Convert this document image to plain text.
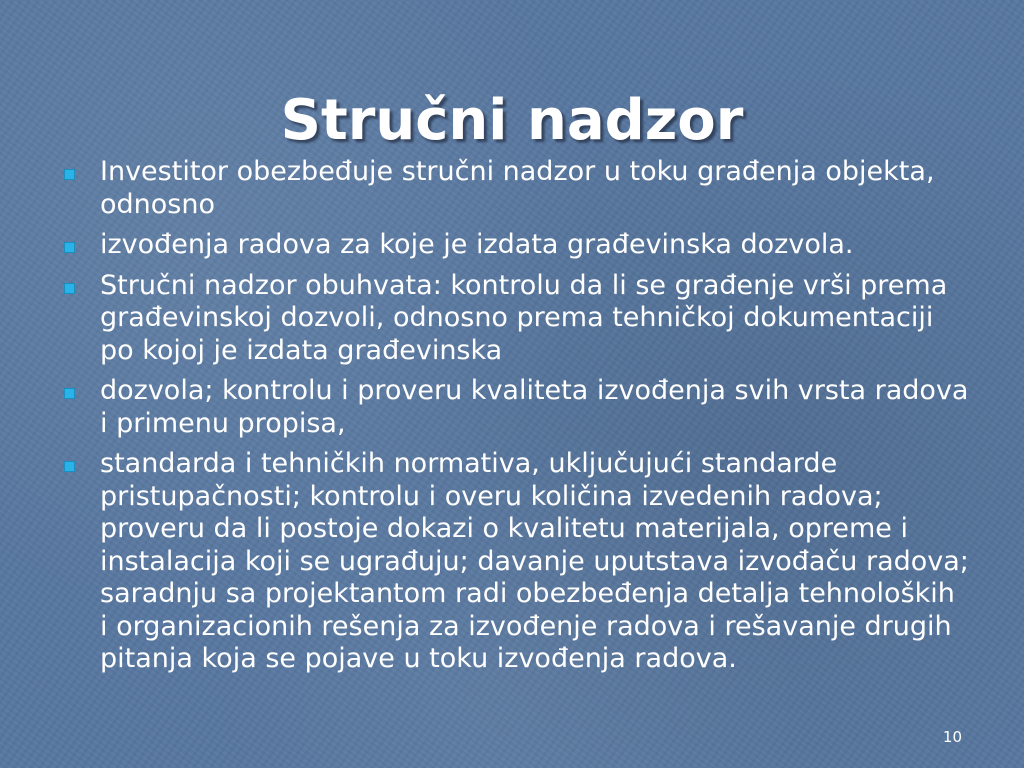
Stručni nadzor
Investitor obezbeđuje stručni nadzor u toku građenja objekta, odnosno
izvođenja radova za koje je izdata građevinska dozvola.
Stručni nadzor obuhvata: kontrolu da li se građenje vrši prema građevinskoj dozvoli, odnosno prema tehničkoj dokumentaciji po kojoj je izdata građevinska
dozvola; kontrolu i proveru kvaliteta izvođenja svih vrsta radova i primenu propisa,
standarda i tehničkih normativa, uključujući standarde pristupačnosti; kontrolu i overu količina izvedenih radova; proveru da li postoje dokazi o kvalitetu materijala, opreme i instalacija koji se ugrađuju; davanje uputstava izvođaču radova; saradnju sa projektantom radi obezbeđenja detalja tehnoloških i organizacionih rešenja za izvođenje radova i rešavanje drugih pitanja koja se pojave u toku izvođenja radova.
10
